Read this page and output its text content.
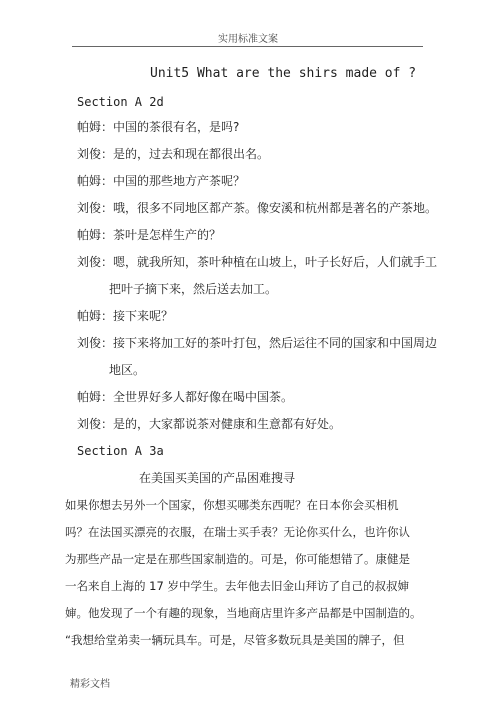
实用标准文案
Unit5 What are the shirs made of ?
Section A 2d
帕姆：中国的茶很有名，是吗?
刘俊：是的，过去和现在都很出名。
帕姆：中国的那些地方产茶呢？
刘俊：哦，很多不同地区都产茶。像安溪和杭州都是著名的产茶地。
帕姆：茶叶是怎样生产的？
刘俊：嗯，就我所知，茶叶种植在山坡上，叶子长好后，人们就手工
把叶子摘下来，然后送去加工。
帕姆：接下来呢？
刘俊：接下来将加工好的茶叶打包，然后运往不同的国家和中国周边
地区。
帕姆：全世界好多人都好像在喝中国茶。
刘俊：是的，大家都说茶对健康和生意都有好处。
Section A 3a
在美国买美国的产品困难搜寻
如果你想去另外一个国家，你想买哪类东西呢？在日本你会买相机
吗？在法国买漂亮的衣服，在瑞士买手表？无论你买什么，也许你认
为那些产品一定是在那些国家制造的。可是，你可能想错了。康健是
一名来自上海的 17 岁中学生。去年他去旧金山拜访了自己的叔叔婶
婶。他发现了一个有趣的现象，当地商店里许多产品都是中国制造的。
“我想给堂弟卖一辆玩具车。可是，尽管多数玩具是美国的牌子，但
精彩文档
